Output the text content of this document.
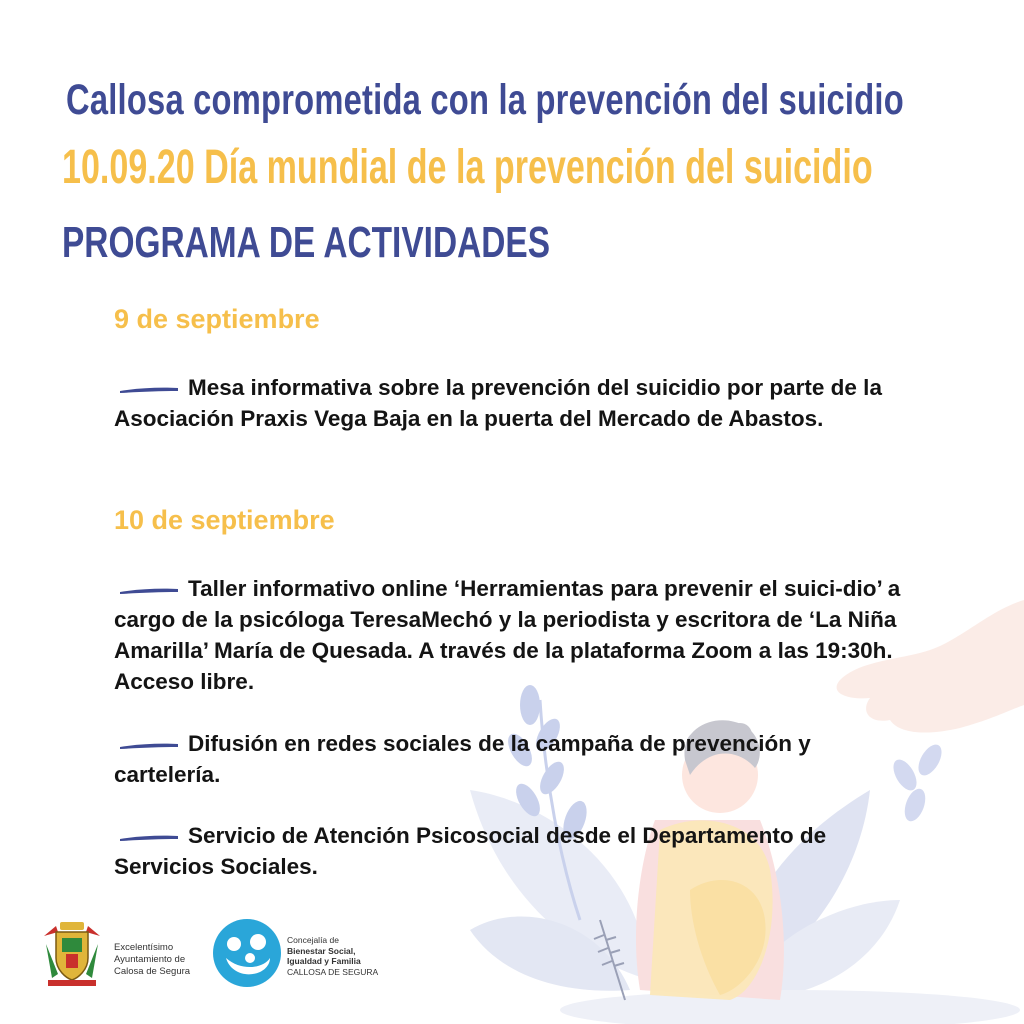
Callosa comprometida con la prevención del suicidio
10.09.20 Día mundial de la prevención del suicidio
PROGRAMA DE ACTIVIDADES
9 de septiembre
Mesa informativa sobre la prevención del suicidio por parte de la Asociación Praxis Vega Baja en la puerta del Mercado de Abastos.
10 de septiembre
Taller informativo online ‘Herramientas para prevenir el suici-dio’ a cargo de la psicóloga TeresaMechó y la periodista y escritora de ‘La Niña Amarilla’ María de Quesada. A través de la plataforma Zoom a las 19:30h. Acceso libre.
Difusión en redes sociales de la campaña de prevención y cartelería.
Servicio de Atención Psicosocial desde el Departamento de Servicios Sociales.
Excelentísimo
Ayuntamiento de
Calosa de Segura
Concejalía de
Bienestar Social,
Igualdad y Familia
CALLOSA DE SEGURA
